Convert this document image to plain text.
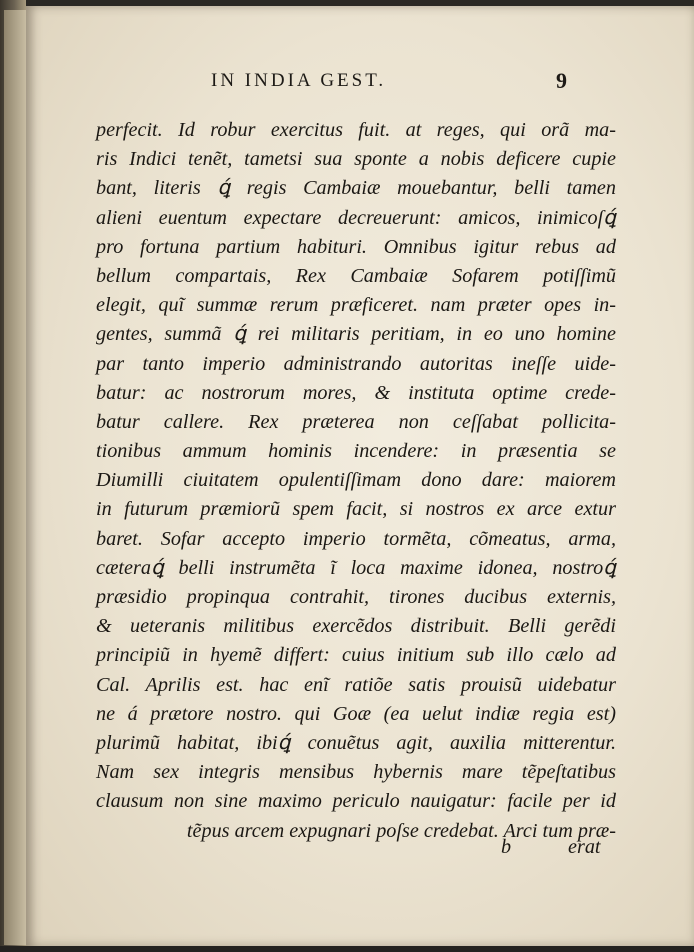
IN INDIA GEST.	9
perfecit. Id robur exercitus fuit. at reges, qui orã ma-
ris Indici tenẽt, tametsi sua sponte a nobis deficere cupie
bant, literis ꝗ́ regis Cambaiæ mouebantur, belli tamen
alieni euentum expectare decreuerunt: amicos, inimicoſꝗ́
pro fortuna partium habituri. Omnibus igitur rebus ad
bellum compartais, Rex Cambaiæ Sofarem potiſſimũ
elegit, quĩ summæ rerum præficeret. nam præter opes in-
gentes, summã ꝗ́ rei militaris peritiam, in eo uno homine
par tanto imperio administrando autoritas ineſſe uide-
batur: ac nostrorum mores, & instituta optime crede-
batur callere. Rex præterea non ceſſabat pollicita-
tionibus ammum hominis incendere: in præsentia se
Diumilli ciuitatem opulentiſſimam dono dare: maiorem
in futurum præmiorũ spem facit, si nostros ex arce extur
baret. Sofar accepto imperio tormẽta, cõmeatus, arma,
cæteraꝗ́ belli instrumẽta ĩ loca maxime idonea, nostroꝗ́
præsidio propinqua contrahit, tirones ducibus externis,
& ueteranis militibus exercẽdos distribuit. Belli gerẽdi
principiũ in hyemẽ differt: cuius initium sub illo cælo ad
Cal. Aprilis est. hac enĩ ratiõe satis prouisũ uidebatur
ne á prætore nostro. qui Goæ (ea uelut indiæ regia est)
plurimũ habitat, ibiꝗ́ conuẽtus agit, auxilia mitterentur.
Nam sex integris mensibus hybernis mare tẽpeſtatibus
clausum non sine maximo periculo nauigatur: facile per id
tẽpus arcem expugnari poſse credebat. Arci tum præ-
b	erat
